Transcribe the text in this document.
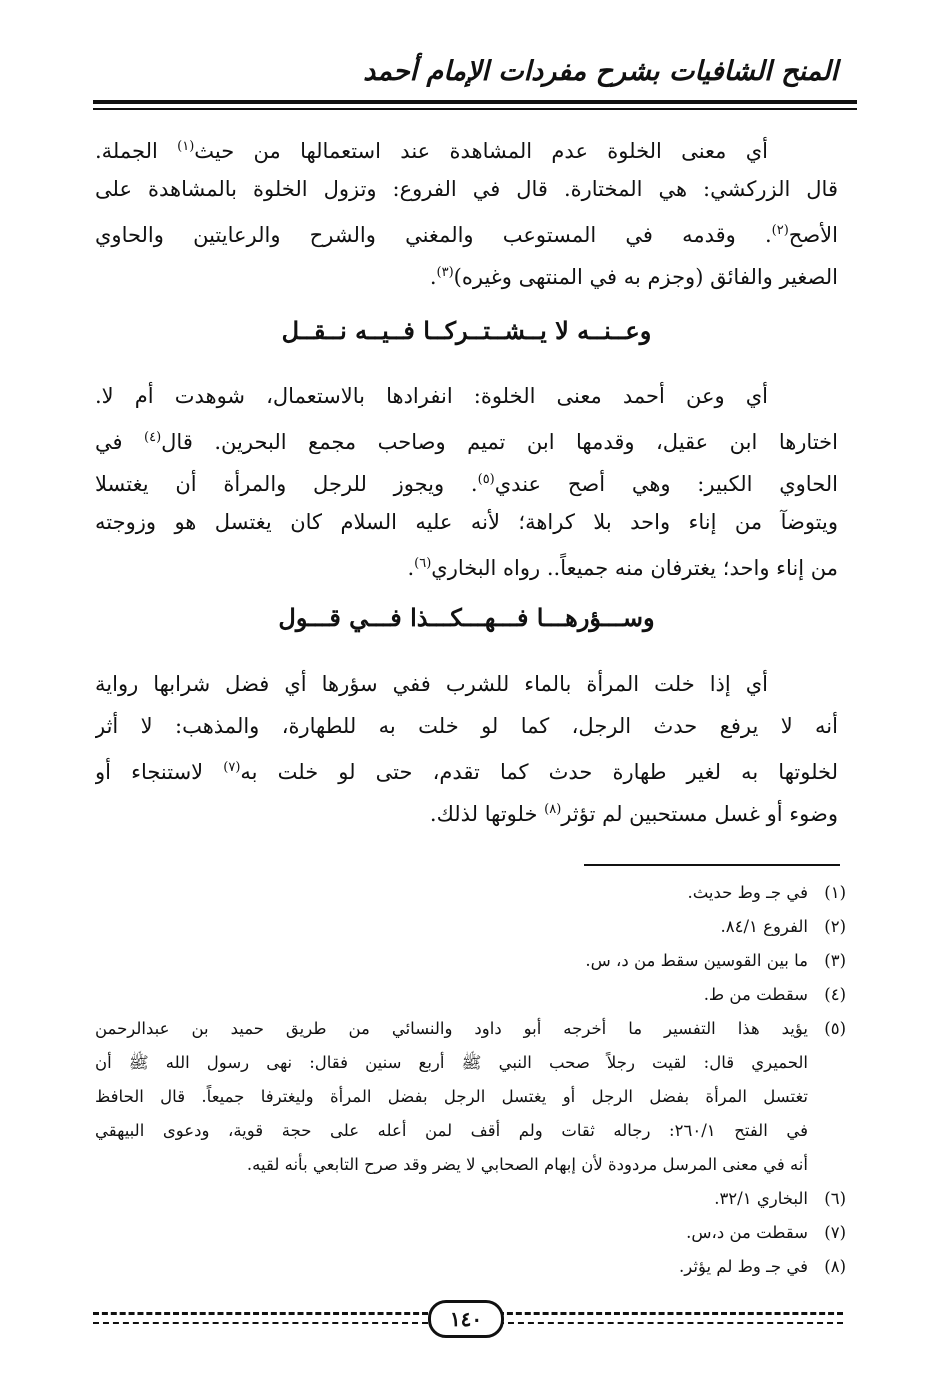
المنح الشافيات بشرح مفردات الإمام أحمد
أي معنى الخلوة عدم المشاهدة عند استعمالها من حيث$^{(١)}$ الجملة.
قال الزركشي: هي المختارة. قال في الفروع: وتزول الخلوة بالمشاهدة على
الأصح$^{(٢)}$. وقدمه في المستوعب والمغني والشرح والرعايتين والحاوي
الصغير والفائق (وجزم به في المنتهى وغيره)$^{(٣)}$.
وعــنــه لا يــشــتــركــا فــيــه نــقــل
أي وعن أحمد معنى الخلوة: انفرادها بالاستعمال، شوهدت أم لا.
اختارها ابن عقيل، وقدمها ابن تميم وصاحب مجمع البحرين. قال$^{(٤)}$ في
الحاوي الكبير: وهي أصح عندي$^{(٥)}$. ويجوز للرجل والمرأة أن يغتسلا
ويتوضآ من إناء واحد بلا كراهة؛ لأنه عليه السلام كان يغتسل هو وزوجته
من إناء واحد؛ يغترفان منه جميعاً.. رواه البخاري$^{(٦)}$.
وســـؤرهـــا فـــهـــكـــذا فـــي قـــول
أي إذا خلت المرأة بالماء للشرب ففي سؤرها أي فضل شرابها رواية
أنه لا يرفع حدث الرجل، كما لو خلت به للطهارة، والمذهب: لا أثر
لخلوتها به لغير طهارة حدث كما تقدم، حتى لو خلت به$^{(٧)}$ لاستنجاء أو
وضوء أو غسل مستحبين لم تؤثر$^{(٨)}$ خلوتها لذلك.
(١)في جـ وط حديث.
(٢)الفروع ٨٤/١.
(٣)ما بين القوسين سقط من د، س.
(٤)سقطت من ط.
(٥)يؤيد هذا التفسير ما أخرجه أبو داود والنسائي من طريق حميد بن عبدالرحمن
الحميري قال: لقيت رجلاً صحب النبي ﷺ أربع سنين فقال: نهى رسول الله ﷺ أن
تغتسل المرأة بفضل الرجل أو يغتسل الرجل بفضل المرأة وليغترفا جميعاً. قال الحافظ
في الفتح ٢٦٠/١: رجاله ثقات ولم أقف لمن أعله على حجة قوية، ودعوى البيهقي
أنه في معنى المرسل مردودة لأن إبهام الصحابي لا يضر وقد صرح التابعي بأنه لقيه.
(٦)البخاري ٣٢/١.
(٧)سقطت من د،س.
(٨)في جـ وط لم يؤثر.
١٤٠
